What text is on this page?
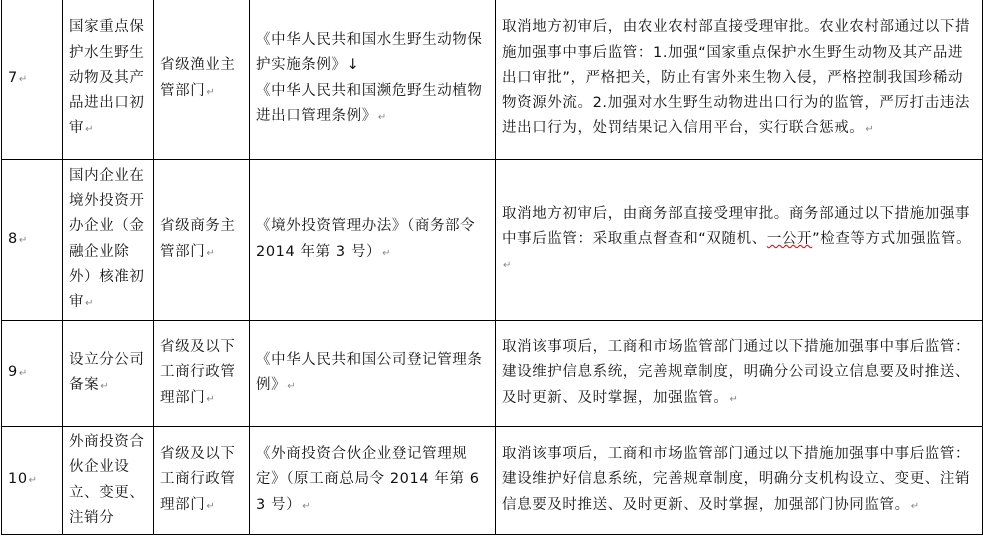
7↵	国家重点保护水生野生动物及其产品进出口初审↵	省级渔业主管部门↵	《中华人民共和国水生野生动物保护实施条例》↓
《中华人民共和国濒危野生动植物进出口管理条例》↵	取消地方初审后，由农业农村部直接受理审批。农业农村部通过以下措施加强事中事后监管：1.加强“国家重点保护水生野生动物及其产品进出口审批”，严格把关，防止有害外来生物入侵，严格控制我国珍稀动物资源外流。2.加强对水生野生动物进出口行为的监管，严厉打击违法进出口行为，处罚结果记入信用平台，实行联合惩戒。↵
8↵	国内企业在境外投资开办企业（金融企业除外）核准初审↵	省级商务主管部门↵	《境外投资管理办法》（商务部令 2014 年第 3 号）↵	取消地方初审后，由商务部直接受理审批。商务部通过以下措施加强事中事后监管：采取重点督查和“双随机、一公开”检查等方式加强监管。↵
9↵	设立分公司备案↵	省级及以下工商行政管理部门↵	《中华人民共和国公司登记管理条例》↵	取消该事项后，工商和市场监管部门通过以下措施加强事中事后监管：建设维护信息系统，完善规章制度，明确分公司设立信息要及时推送、及时更新、及时掌握，加强监管。↵
10↵	外商投资合伙企业设立、变更、注销分	省级及以下工商行政管理部门↵	《外商投资合伙企业登记管理规定》（原工商总局令 2014 年第 63 号）↵	取消该事项后，工商和市场监管部门通过以下措施加强事中事后监管：建设维护好信息系统，完善规章制度，明确分支机构设立、变更、注销信息要及时推送、及时更新、及时掌握，加强部门协同监管。↵
